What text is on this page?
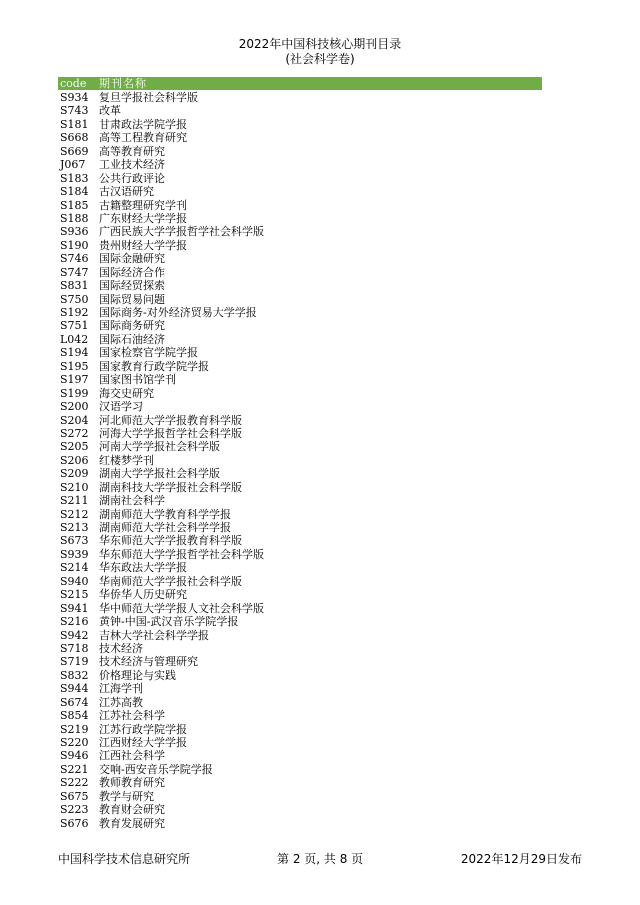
2022年中国科技核心期刊目录
(社会科学卷)
code 期刊名称
S934 复旦学报社会科学版
S743 改革
S181 甘肃政法学院学报
S668 高等工程教育研究
S669 高等教育研究
J067 工业技术经济
S183 公共行政评论
S184 古汉语研究
S185 古籍整理研究学刊
S188 广东财经大学学报
S936 广西民族大学学报哲学社会科学版
S190 贵州财经大学学报
S746 国际金融研究
S747 国际经济合作
S831 国际经贸探索
S750 国际贸易问题
S192 国际商务-对外经济贸易大学学报
S751 国际商务研究
L042 国际石油经济
S194 国家检察官学院学报
S195 国家教育行政学院学报
S197 国家图书馆学刊
S199 海交史研究
S200 汉语学习
S204 河北师范大学学报教育科学版
S272 河海大学学报哲学社会科学版
S205 河南大学学报社会科学版
S206 红楼梦学刊
S209 湖南大学学报社会科学版
S210 湖南科技大学学报社会科学版
S211 湖南社会科学
S212 湖南师范大学教育科学学报
S213 湖南师范大学社会科学学报
S673 华东师范大学学报教育科学版
S939 华东师范大学学报哲学社会科学版
S214 华东政法大学学报
S940 华南师范大学学报社会科学版
S215 华侨华人历史研究
S941 华中师范大学学报人文社会科学版
S216 黄钟-中国-武汉音乐学院学报
S942 吉林大学社会科学学报
S718 技术经济
S719 技术经济与管理研究
S832 价格理论与实践
S944 江海学刊
S674 江苏高教
S854 江苏社会科学
S219 江苏行政学院学报
S220 江西财经大学学报
S946 江西社会科学
S221 交响-西安音乐学院学报
S222 教师教育研究
S675 教学与研究
S223 教育财会研究
S676 教育发展研究
中国科学技术信息研究所	第 2 页, 共 8 页	2022年12月29日发布
